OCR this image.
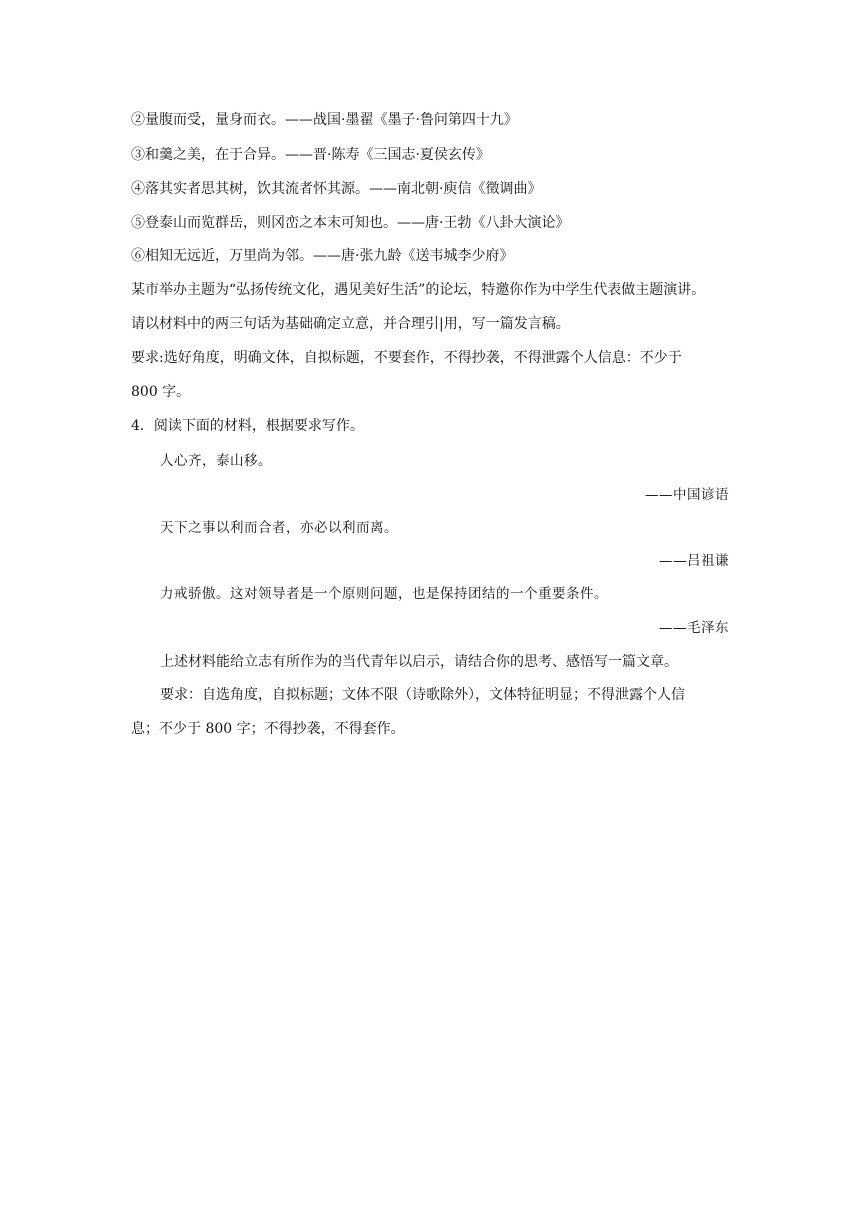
②量腹而受，量身而衣。——战国·墨翟《墨子·鲁问第四十九》
③和羹之美，在于合异。——晋·陈寿《三国志·夏侯玄传》
④落其实者思其树，饮其流者怀其源。——南北朝·庾信《徵调曲》
⑤登泰山而览群岳，则冈峦之本末可知也。——唐·王勃《八卦大演论》
⑥相知无远近，万里尚为邻。——唐·张九龄《送韦城李少府》
某市举办主题为“弘扬传统文化，遇见美好生活”的论坛，特邀你作为中学生代表做主题演讲。
请以材料中的两三句话为基础确定立意，并合理引|用，写一篇发言稿。
要求:选好角度，明确文体，自拟标题，不要套作，不得抄袭，不得泄露个人信息：不少于
800 字。
4．阅读下面的材料，根据要求写作。
人心齐，泰山移。
——中国谚语
天下之事以利而合者，亦必以利而离。
——吕祖谦
力戒骄傲。这对领导者是一个原则问题，也是保持团结的一个重要条件。
——毛泽东
上述材料能给立志有所作为的当代青年以启示，请结合你的思考、感悟写一篇文章。
要求：自选角度，自拟标题；文体不限（诗歌除外），文体特征明显；不得泄露个人信
息；不少于 800 字；不得抄袭，不得套作。
